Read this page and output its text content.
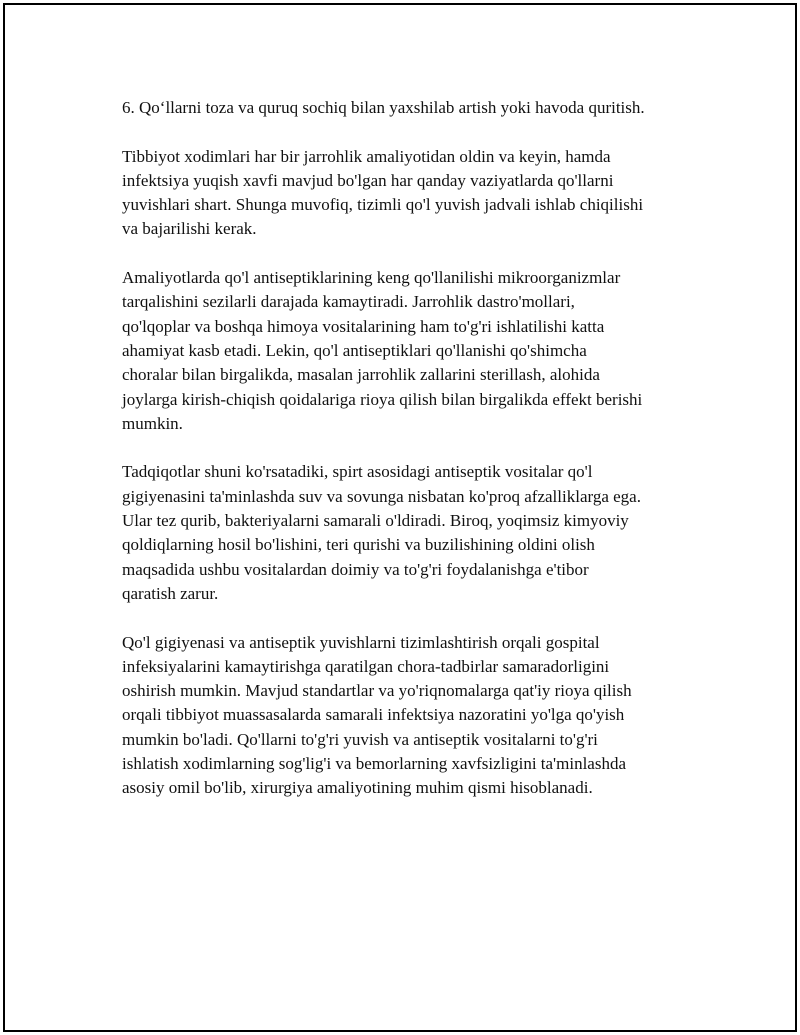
6. Qo‘llarni toza va quruq sochiq bilan yaxshilab artish yoki havoda quritish.

Tibbiyot xodimlari har bir jarrohlik amaliyotidan oldin va keyin, hamda
infektsiya yuqish xavfi mavjud bo'lgan har qanday vaziyatlarda qo'llarni
yuvishlari shart. Shunga muvofiq, tizimli qo'l yuvish jadvali ishlab chiqilishi
va bajarilishi kerak.

Amaliyotlarda qo'l antiseptiklarining keng qo'llanilishi mikroorganizmlar
tarqalishini sezilarli darajada kamaytiradi. Jarrohlik dastro'mollari,
qo'lqoplar va boshqa himoya vositalarining ham to'g'ri ishlatilishi katta
ahamiyat kasb etadi. Lekin, qo'l antiseptiklari qo'llanishi qo'shimcha
choralar bilan birgalikda, masalan jarrohlik zallarini sterillash, alohida
joylarga kirish-chiqish qoidalariga rioya qilish bilan birgalikda effekt berishi
mumkin.

Tadqiqotlar shuni ko'rsatadiki, spirt asosidagi antiseptik vositalar qo'l
gigiyenasini ta'minlashda suv va sovunga nisbatan ko'proq afzalliklarga ega.
Ular tez qurib, bakteriyalarni samarali o'ldiradi. Biroq, yoqimsiz kimyoviy
qoldiqlarning hosil bo'lishini, teri qurishi va buzilishining oldini olish
maqsadida ushbu vositalardan doimiy va to'g'ri foydalanishga e'tibor
qaratish zarur.

Qo'l gigiyenasi va antiseptik yuvishlarni tizimlashtirish orqali gospital
infeksiyalarini kamaytirishga qaratilgan chora-tadbirlar samaradorligini
oshirish mumkin. Mavjud standartlar va yo'riqnomalarga qat'iy rioya qilish
orqali tibbiyot muassasalarda samarali infektsiya nazoratini yo'lga qo'yish
mumkin bo'ladi. Qo'llarni to'g'ri yuvish va antiseptik vositalarni to'g'ri
ishlatish xodimlarning sog'lig'i va bemorlarning xavfsizligini ta'minlashda
asosiy omil bo'lib, xirurgiya amaliyotining muhim qismi hisoblanadi.
